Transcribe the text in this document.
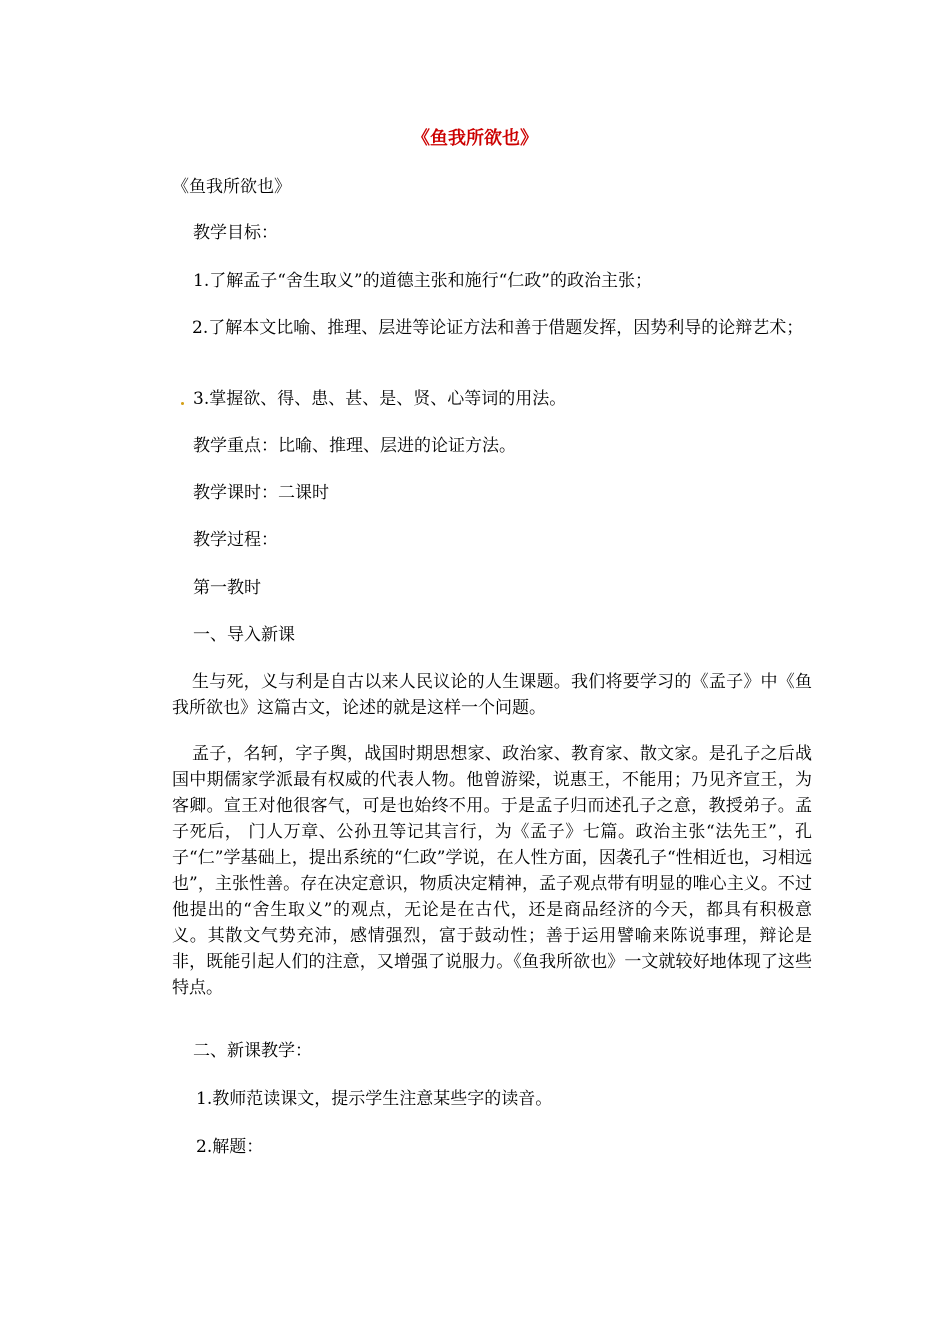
《鱼我所欲也》
《鱼我所欲也》
教学目标：
1.了解孟子“舍生取义”的道德主张和施行“仁政”的政治主张；
2.了解本文比喻、推理、层进等论证方法和善于借题发挥，因势利导的论辩艺术；
3.掌握欲、得、患、甚、是、贤、心等词的用法。
教学重点：比喻、推理、层进的论证方法。
教学课时：二课时
教学过程：
第一教时
一、导入新课
生与死，义与利是自古以来人民议论的人生课题。我们将要学习的《孟子》中《鱼我所欲也》这篇古文，论述的就是这样一个问题。
孟子，名轲，字子舆，战国时期思想家、政治家、教育家、散文家。是孔子之后战国中期儒家学派最有权威的代表人物。他曾游梁，说惠王，不能用；乃见齐宣王，为客卿。宣王对他很客气，可是也始终不用。于是孟子归而述孔子之意，教授弟子。孟子死后， 门人万章、公孙丑等记其言行，为《孟子》七篇。政治主张“法先王”，孔子“仁”学基础上，提出系统的“仁政”学说，在人性方面，因袭孔子“性相近也，习相远也”，主张性善。存在决定意识，物质决定精神，孟子观点带有明显的唯心主义。不过他提出的“舍生取义”的观点，无论是在古代，还是商品经济的今天，都具有积极意义。其散文气势充沛，感情强烈，富于鼓动性；善于运用譬喻来陈说事理，辩论是非，既能引起人们的注意，又增强了说服力。《鱼我所欲也》一文就较好地体现了这些特点。
二、新课教学：
1.教师范读课文，提示学生注意某些字的读音。
2.解题：
